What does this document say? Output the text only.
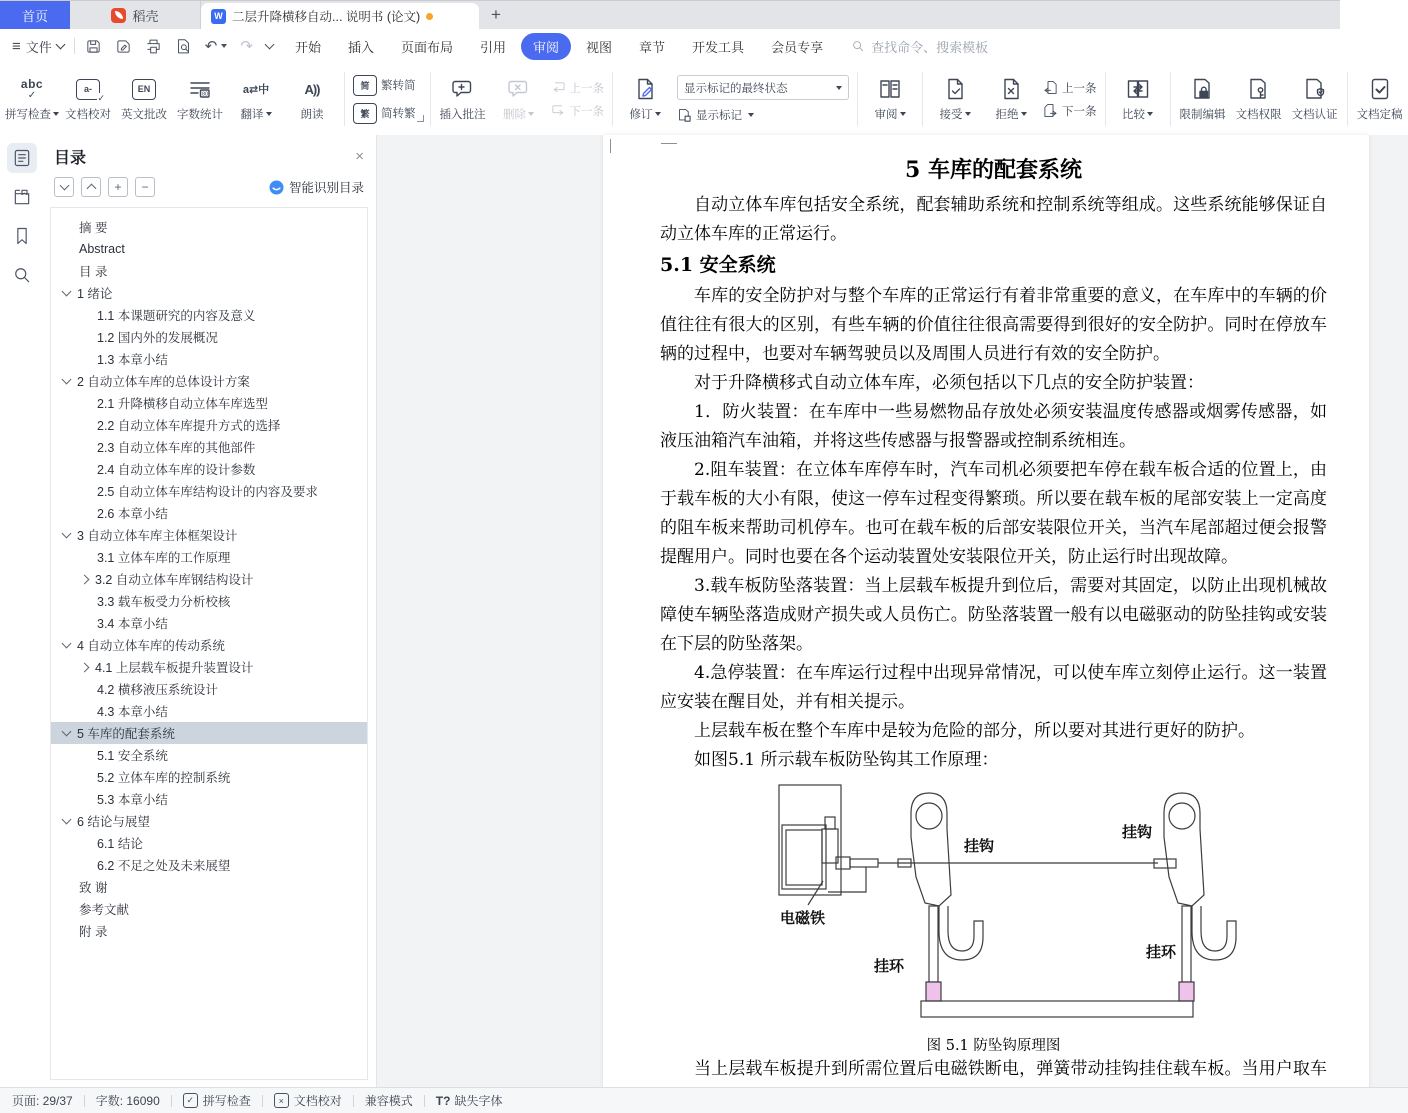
首页	稻壳	W 二层升降横移自动... 说明书 (论文)	+
≡ 文件	↶ ↷	开始	插入	页面布局	引用	审阅	视图	章节	开发工具	会员专享	查找命令、搜索模板
abc
✓
拼写检查
a-
✓
文档校对
EN
英文批改
80
字数统计
a⇄中
翻译
A))
朗读
简	繁转简
繁	简转繁 插入批注 删除
上一条
下一条 修订
显示标记的最终状态
显示标记	审阅	接受	拒绝
上一条
下一条 比较	限制编辑 文档权限 文档认证 文档定稿
目录	×
+	−	智能识别目录
摘 要
Abstract
目 录
1 绪论
1.1 本课题研究的内容及意义
1.2 国内外的发展概况
1.3 本章小结
2 自动立体车库的总体设计方案
2.1 升降横移自动立体车库选型
2.2 自动立体车库提升方式的选择
2.3 自动立体车库的其他部件
2.4 自动立体车库的设计参数
2.5 自动立体车库结构设计的内容及要求
2.6 本章小结
3 自动立体车库主体框架设计
3.1 立体车库的工作原理
3.2 自动立体车库钢结构设计
3.3 载车板受力分析校核
3.4 本章小结
4 自动立体车库的传动系统
4.1 上层载车板提升装置设计
4.2 横移液压系统设计
4.3 本章小结
5 车库的配套系统
5.1 安全系统
5.2 立体车库的控制系统
5.3 本章小结
6 结论与展望
6.1 结论
6.2 不足之处及未来展望
致 谢
参考文献
附 录
5 车库的配套系统
自动立体车库包括安全系统，配套辅助系统和控制系统等组成。这些系统能够保证自动立体车库的正常运行。
5.1 安全系统
车库的安全防护对与整个车库的正常运行有着非常重要的意义，在车库中的车辆的价值往往有很大的区别，有些车辆的价值往往很高需要得到很好的安全防护。同时在停放车辆的过程中，也要对车辆驾驶员以及周围人员进行有效的安全防护。
对于升降横移式自动立体车库，必须包括以下几点的安全防护装置：
1．防火装置：在车库中一些易燃物品存放处必须安装温度传感器或烟雾传感器，如液压油箱汽车油箱，并将这些传感器与报警器或控制系统相连。
2.阻车装置：在立体车库停车时，汽车司机必须要把车停在载车板合适的位置上，由于载车板的大小有限，使这一停车过程变得繁琐。所以要在载车板的尾部安装上一定高度的阻车板来帮助司机停车。也可在载车板的后部安装限位开关，当汽车尾部超过便会报警提醒用户。同时也要在各个运动装置处安装限位开关，防止运行时出现故障。
3.载车板防坠落装置：当上层载车板提升到位后，需要对其固定，以防止出现机械故障使车辆坠落造成财产损失或人员伤亡。防坠落装置一般有以电磁驱动的防坠挂钩或安装在下层的防坠落架。
4.急停装置：在车库运行过程中出现异常情况，可以使车库立刻停止运行。这一装置应安装在醒目处，并有相关提示。
上层载车板在整个车库中是较为危险的部分，所以要对其进行更好的防护。
如图5.1 所示载车板防坠钩其工作原理：
电磁铁
挂钩
挂钩
挂环
挂环
图 5.1 防坠钩原理图
当上层载车板提升到所需位置后电磁铁断电，弹簧带动挂钩挂住载车板。当用户取车
页面: 29/37 字数: 16090	✓ 拼写检查	× 文档校对 兼容模式 T? 缺失字体
